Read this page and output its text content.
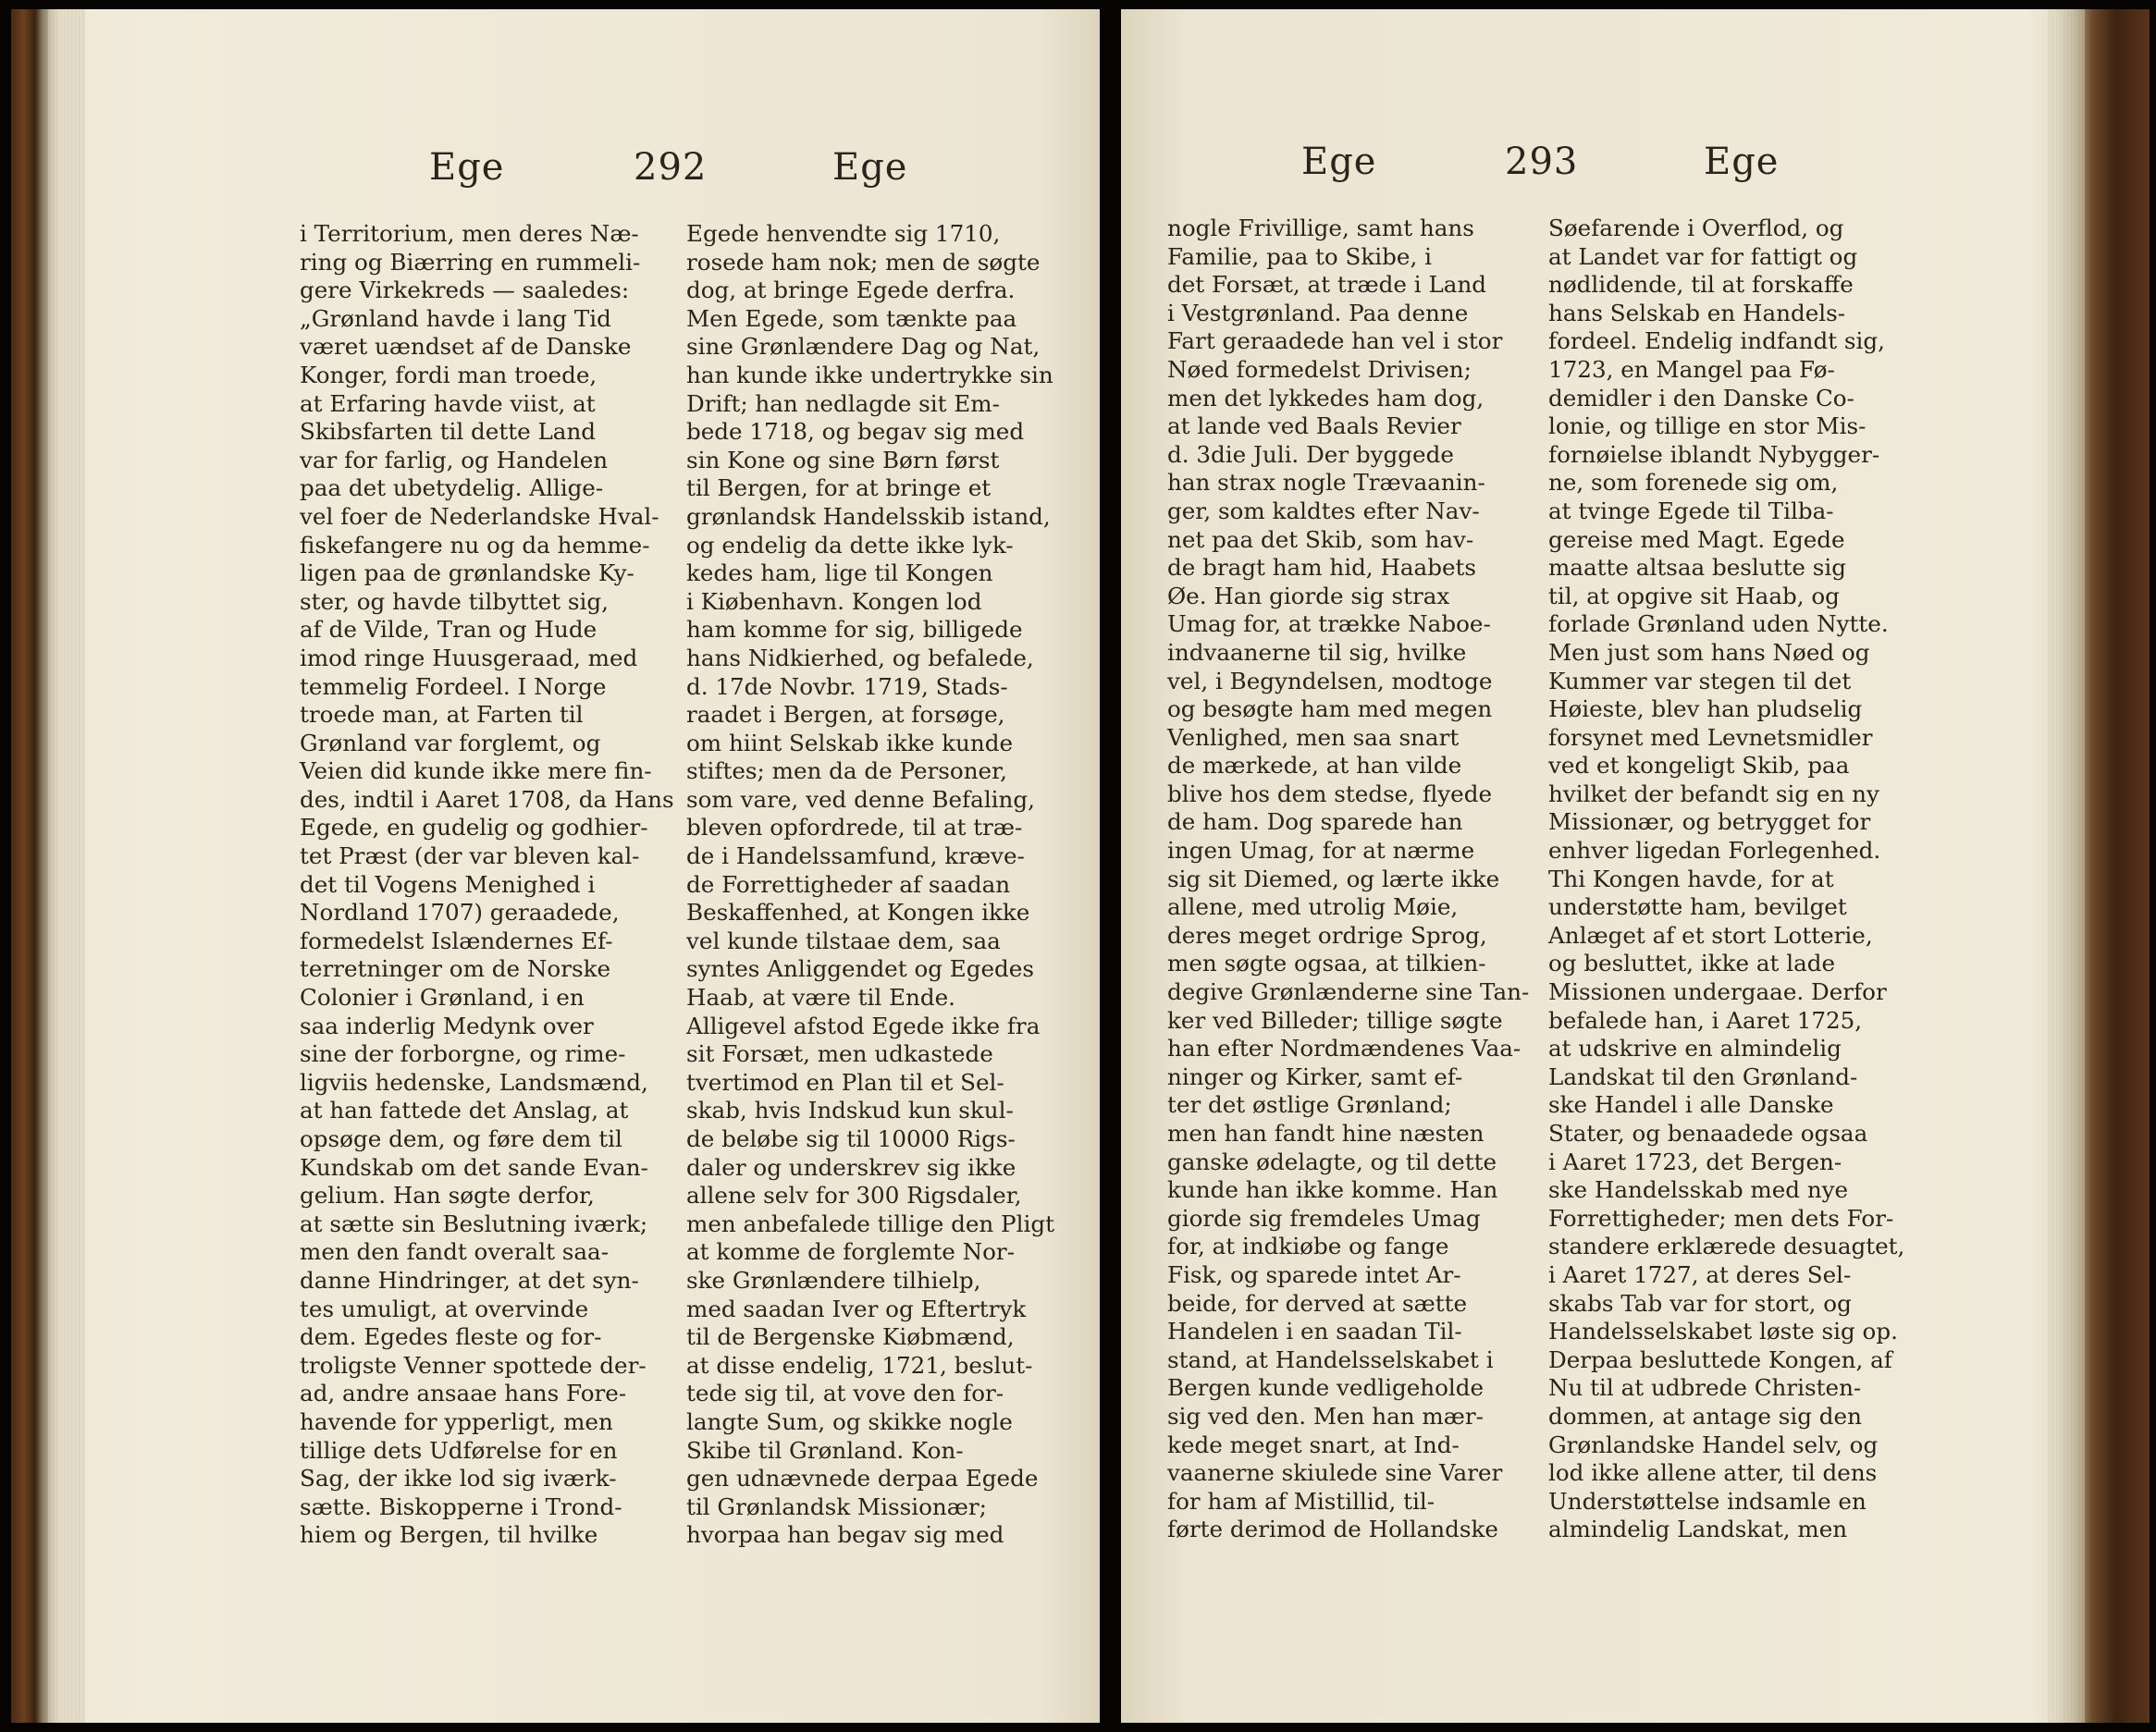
Ege	292	Ege
i Territorium, men deres Næ-
ring og Biærring en rummeli-
gere Virkekreds — saaledes:
„Grønland havde i lang Tid
været uændset af de Danske
Konger, fordi man troede,
at Erfaring havde viist, at
Skibsfarten til dette Land
var for farlig, og Handelen
paa det ubetydelig. Allige-
vel foer de Nederlandske Hval-
fiskefangere nu og da hemme-
ligen paa de grønlandske Ky-
ster, og havde tilbyttet sig,
af de Vilde, Tran og Hude
imod ringe Huusgeraad, med
temmelig Fordeel. I Norge
troede man, at Farten til
Grønland var forglemt, og
Veien did kunde ikke mere fin-
des, indtil i Aaret 1708, da Hans
Egede, en gudelig og godhier-
tet Præst (der var bleven kal-
det til Vogens Menighed i
Nordland 1707) geraadede,
formedelst Islændernes Ef-
terretninger om de Norske
Colonier i Grønland, i en
saa inderlig Medynk over
sine der forborgne, og rime-
ligviis hedenske, Landsmænd,
at han fattede det Anslag, at
opsøge dem, og føre dem til
Kundskab om det sande Evan-
gelium. Han søgte derfor,
at sætte sin Beslutning iværk;
men den fandt overalt saa-
danne Hindringer, at det syn-
tes umuligt, at overvinde
dem. Egedes fleste og for-
troligste Venner spottede der-
ad, andre ansaae hans Fore-
havende for ypperligt, men
tillige dets Udførelse for en
Sag, der ikke lod sig iværk-
sætte. Biskopperne i Trond-
hiem og Bergen, til hvilke
Egede henvendte sig 1710,
rosede ham nok; men de søgte
dog, at bringe Egede derfra.
Men Egede, som tænkte paa
sine Grønlændere Dag og Nat,
han kunde ikke undertrykke sin
Drift; han nedlagde sit Em-
bede 1718, og begav sig med
sin Kone og sine Børn først
til Bergen, for at bringe et
grønlandsk Handelsskib istand,
og endelig da dette ikke lyk-
kedes ham, lige til Kongen
i Kiøbenhavn. Kongen lod
ham komme for sig, billigede
hans Nidkierhed, og befalede,
d. 17de Novbr. 1719, Stads-
raadet i Bergen, at forsøge,
om hiint Selskab ikke kunde
stiftes; men da de Personer,
som vare, ved denne Befaling,
bleven opfordrede, til at træ-
de i Handelssamfund, kræve-
de Forrettigheder af saadan
Beskaffenhed, at Kongen ikke
vel kunde tilstaae dem, saa
syntes Anliggendet og Egedes
Haab, at være til Ende.
Alligevel afstod Egede ikke fra
sit Forsæt, men udkastede
tvertimod en Plan til et Sel-
skab, hvis Indskud kun skul-
de beløbe sig til 10000 Rigs-
daler og underskrev sig ikke
allene selv for 300 Rigsdaler,
men anbefalede tillige den Pligt
at komme de forglemte Nor-
ske Grønlændere tilhielp,
med saadan Iver og Eftertryk
til de Bergenske Kiøbmænd,
at disse endelig, 1721, beslut-
tede sig til, at vove den for-
langte Sum, og skikke nogle
Skibe til Grønland. Kon-
gen udnævnede derpaa Egede
til Grønlandsk Missionær;
hvorpaa han begav sig med
Ege	293	Ege
nogle Frivillige, samt hans
Familie, paa to Skibe, i
det Forsæt, at træde i Land
i Vestgrønland. Paa denne
Fart geraadede han vel i stor
Nøed formedelst Drivisen;
men det lykkedes ham dog,
at lande ved Baals Revier
d. 3die Juli. Der byggede
han strax nogle Trævaanin-
ger, som kaldtes efter Nav-
net paa det Skib, som hav-
de bragt ham hid, Haabets
Øe. Han giorde sig strax
Umag for, at trække Naboe-
indvaanerne til sig, hvilke
vel, i Begyndelsen, modtoge
og besøgte ham med megen
Venlighed, men saa snart
de mærkede, at han vilde
blive hos dem stedse, flyede
de ham. Dog sparede han
ingen Umag, for at nærme
sig sit Diemed, og lærte ikke
allene, med utrolig Møie,
deres meget ordrige Sprog,
men søgte ogsaa, at tilkien-
degive Grønlænderne sine Tan-
ker ved Billeder; tillige søgte
han efter Nordmændenes Vaa-
ninger og Kirker, samt ef-
ter det østlige Grønland;
men han fandt hine næsten
ganske ødelagte, og til dette
kunde han ikke komme. Han
giorde sig fremdeles Umag
for, at indkiøbe og fange
Fisk, og sparede intet Ar-
beide, for derved at sætte
Handelen i en saadan Til-
stand, at Handelsselskabet i
Bergen kunde vedligeholde
sig ved den. Men han mær-
kede meget snart, at Ind-
vaanerne skiulede sine Varer
for ham af Mistillid, til-
førte derimod de Hollandske
Søefarende i Overflod, og
at Landet var for fattigt og
nødlidende, til at forskaffe
hans Selskab en Handels-
fordeel. Endelig indfandt sig,
1723, en Mangel paa Fø-
demidler i den Danske Co-
lonie, og tillige en stor Mis-
fornøielse iblandt Nybygger-
ne, som forenede sig om,
at tvinge Egede til Tilba-
gereise med Magt. Egede
maatte altsaa beslutte sig
til, at opgive sit Haab, og
forlade Grønland uden Nytte.
Men just som hans Nøed og
Kummer var stegen til det
Høieste, blev han pludselig
forsynet med Levnetsmidler
ved et kongeligt Skib, paa
hvilket der befandt sig en ny
Missionær, og betrygget for
enhver ligedan Forlegenhed.
Thi Kongen havde, for at
understøtte ham, bevilget
Anlæget af et stort Lotterie,
og besluttet, ikke at lade
Missionen undergaae. Derfor
befalede han, i Aaret 1725,
at udskrive en almindelig
Landskat til den Grønland-
ske Handel i alle Danske
Stater, og benaadede ogsaa
i Aaret 1723, det Bergen-
ske Handelsskab med nye
Forrettigheder; men dets For-
standere erklærede desuagtet,
i Aaret 1727, at deres Sel-
skabs Tab var for stort, og
Handelsselskabet løste sig op.
Derpaa besluttede Kongen, af
Nu til at udbrede Christen-
dommen, at antage sig den
Grønlandske Handel selv, og
lod ikke allene atter, til dens
Understøttelse indsamle en
almindelig Landskat, men
